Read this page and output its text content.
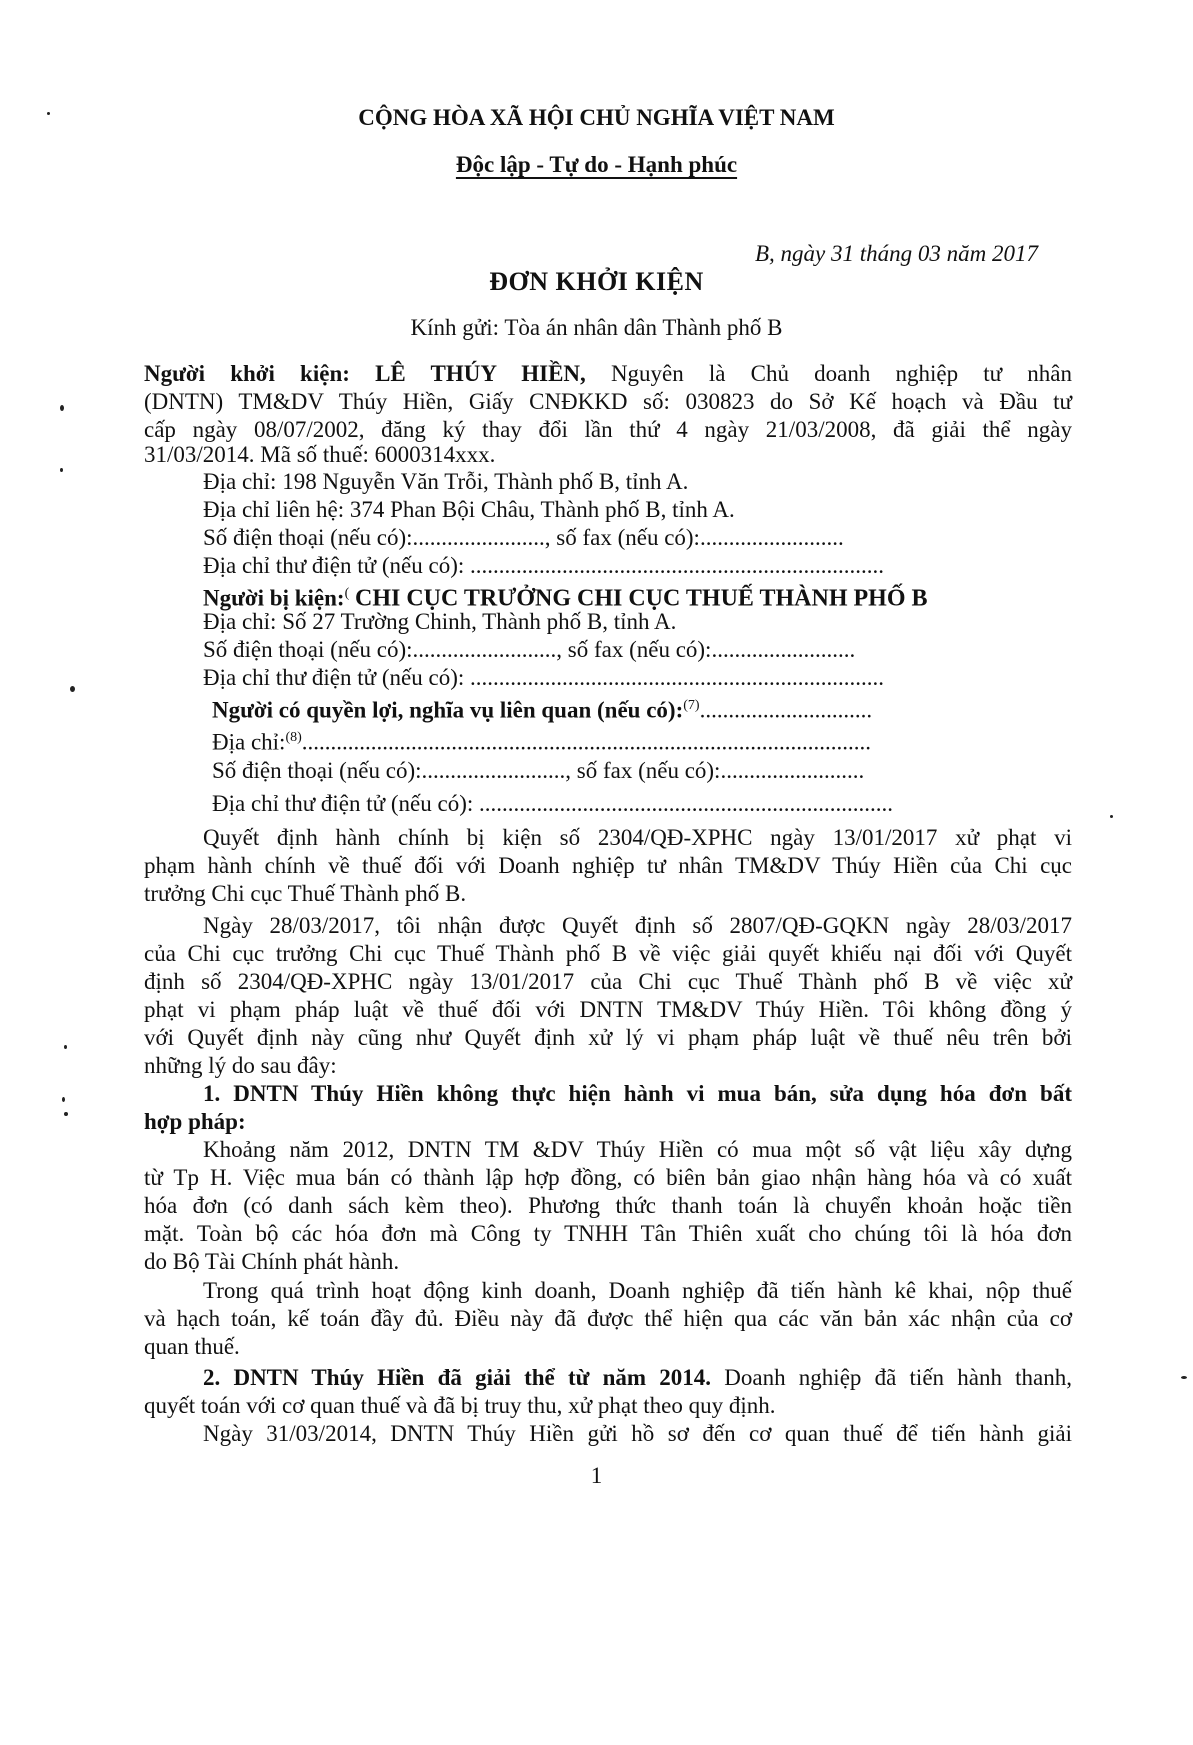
CỘNG HÒA XÃ HỘI CHỦ NGHĨA VIỆT NAM
Độc lập - Tự do - Hạnh phúc
B, ngày 31 tháng 03 năm 2017
ĐƠN KHỞI KIỆN
Kính gửi: Tòa án nhân dân Thành phố B
Người khởi kiện: LÊ THÚY HIỀN, Nguyên là Chủ doanh nghiệp tư nhân
(DNTN) TM&DV Thúy Hiền, Giấy CNĐKKD số: 030823 do Sở Kế hoạch và Đầu tư
cấp ngày 08/07/2002, đăng ký thay đổi lần thứ 4 ngày 21/03/2008, đã giải thể ngày
31/03/2014. Mã số thuế: 6000314xxx.
Địa chỉ: 198 Nguyễn Văn Trỗi, Thành phố B, tỉnh A.
Địa chỉ liên hệ: 374 Phan Bội Châu, Thành phố B, tỉnh A.
Số điện thoại (nếu có):......................., số fax (nếu có):.........................
Địa chỉ thư điện tử (nếu có): ........................................................................
Người bị kiện:( CHI CỤC TRƯỞNG CHI CỤC THUẾ THÀNH PHỐ B
Địa chỉ: Số 27 Trường Chinh, Thành phố B, tỉnh A.
Số điện thoại (nếu có):........................., số fax (nếu có):.........................
Địa chỉ thư điện tử (nếu có): ........................................................................
Người có quyền lợi, nghĩa vụ liên quan (nếu có):$^{(7)}$..............................
Địa chỉ:$^{(8)}$...................................................................................................
Số điện thoại (nếu có):........................., số fax (nếu có):.........................
Địa chỉ thư điện tử (nếu có): ........................................................................
Quyết định hành chính bị kiện số 2304/QĐ-XPHC ngày 13/01/2017 xử phạt vi
phạm hành chính về thuế đối với Doanh nghiệp tư nhân TM&DV Thúy Hiền của Chi cục
trưởng Chi cục Thuế Thành phố B.
Ngày 28/03/2017, tôi nhận được Quyết định số 2807/QĐ-GQKN ngày 28/03/2017
của Chi cục trưởng Chi cục Thuế Thành phố B về việc giải quyết khiếu nại đối với Quyết
định số 2304/QĐ-XPHC ngày 13/01/2017 của Chi cục Thuế Thành phố B về việc xử
phạt vi phạm pháp luật về thuế đối với DNTN TM&DV Thúy Hiền. Tôi không đồng ý
với Quyết định này cũng như Quyết định xử lý vi phạm pháp luật về thuế nêu trên bởi
những lý do sau đây:
1. DNTN Thúy Hiền không thực hiện hành vi mua bán, sửa dụng hóa đơn bất
hợp pháp:
Khoảng năm 2012, DNTN TM &DV Thúy Hiền có mua một số vật liệu xây dựng
từ Tp H. Việc mua bán có thành lập hợp đồng, có biên bản giao nhận hàng hóa và có xuất
hóa đơn (có danh sách kèm theo). Phương thức thanh toán là chuyển khoản hoặc tiền
mặt. Toàn bộ các hóa đơn mà Công ty TNHH Tân Thiên xuất cho chúng tôi là hóa đơn
do Bộ Tài Chính phát hành.
Trong quá trình hoạt động kinh doanh, Doanh nghiệp đã tiến hành kê khai, nộp thuế
và hạch toán, kế toán đầy đủ. Điều này đã được thể hiện qua các văn bản xác nhận của cơ
quan thuế.
2. DNTN Thúy Hiền đã giải thể từ năm 2014. Doanh nghiệp đã tiến hành thanh,
quyết toán với cơ quan thuế và đã bị truy thu, xử phạt theo quy định.
Ngày 31/03/2014, DNTN Thúy Hiền gửi hồ sơ đến cơ quan thuế để tiến hành giải
1
